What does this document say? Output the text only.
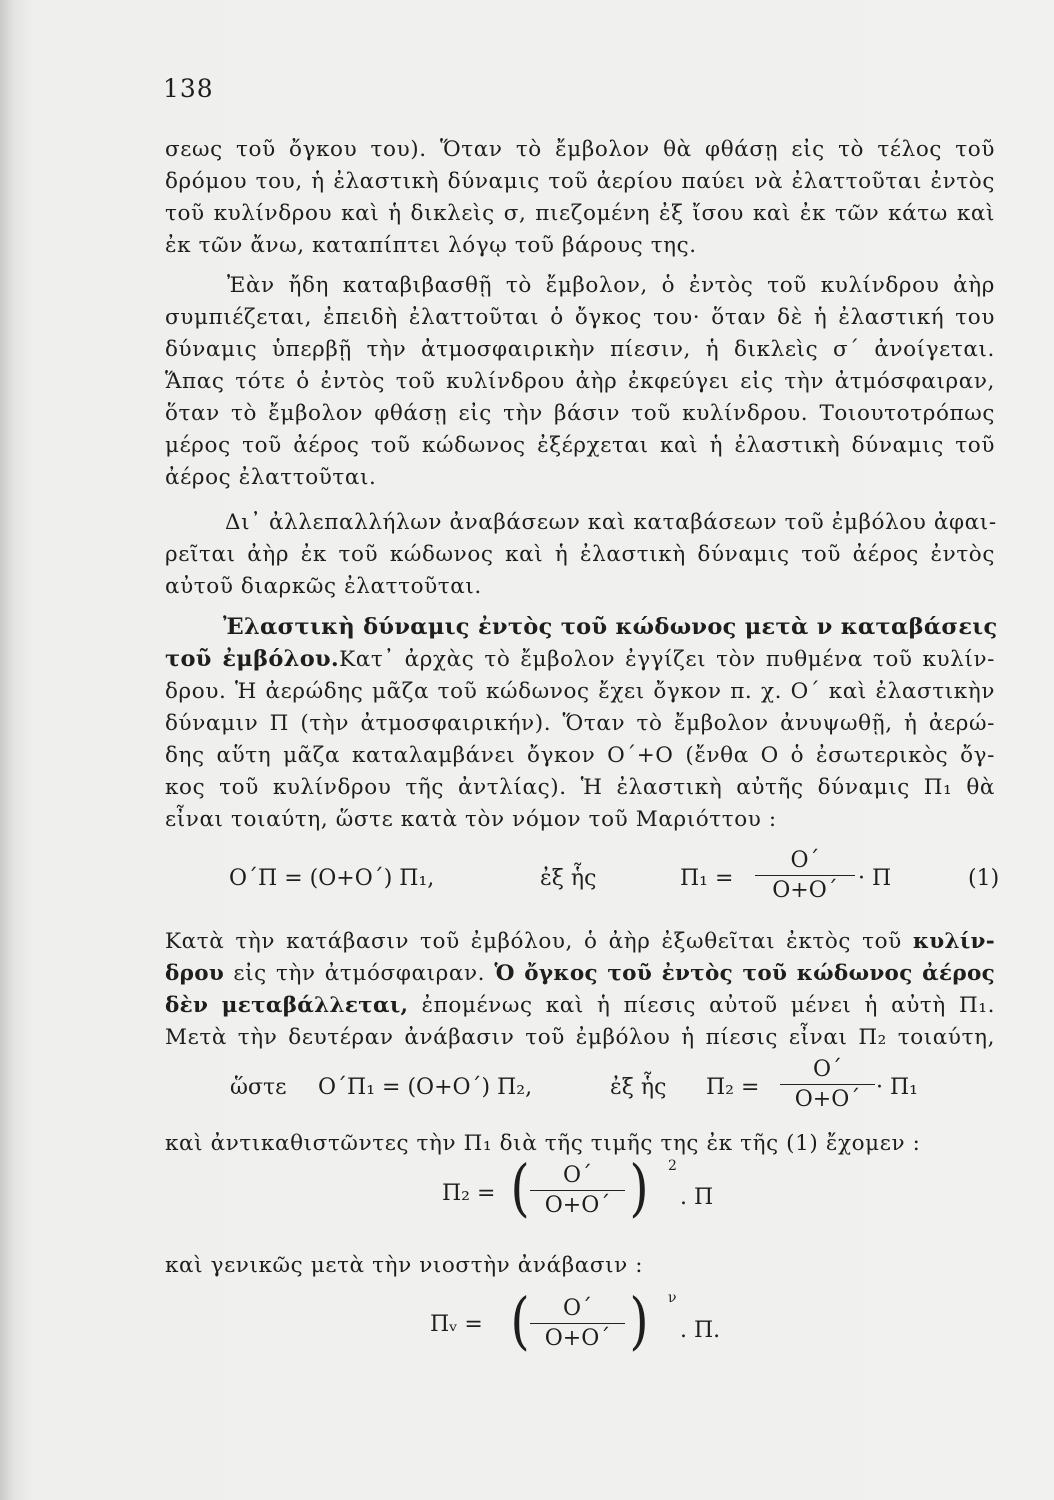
138
σεως τοῦ ὄγκου του). Ὅταν τὸ ἔμβολον θὰ φθάσῃ εἰς τὸ τέλος τοῦ
δρόμου του, ἡ ἐλαστικὴ δύναμις τοῦ ἀερίου παύει νὰ ἐλαττοῦται ἐντὸς
τοῦ κυλίνδρου καὶ ἡ δικλεὶς σ, πιεζομένη ἐξ ἴσου καὶ ἐκ τῶν κάτω καὶ
ἐκ τῶν ἄνω, καταπίπτει λόγῳ τοῦ βάρους της.
Ἐὰν ἤδη καταβιβασθῇ τὸ ἔμβολον, ὁ ἐντὸς τοῦ κυλίνδρου ἀὴρ
συμπιέζεται, ἐπειδὴ ἐλαττοῦται ὁ ὄγκος του· ὅταν δὲ ἡ ἐλαστική του
δύναμις ὑπερβῇ τὴν ἀτμοσφαιρικὴν πίεσιν, ἡ δικλεὶς σ΄ ἀνοίγεται.
Ἅπας τότε ὁ ἐντὸς τοῦ κυλίνδρου ἀὴρ ἐκφεύγει εἰς τὴν ἀτμόσφαιραν,
ὅταν τὸ ἔμβολον φθάσῃ εἰς τὴν βάσιν τοῦ κυλίνδρου. Τοιουτοτρόπως
μέρος τοῦ ἀέρος τοῦ κώδωνος ἐξέρχεται καὶ ἡ ἐλαστικὴ δύναμις τοῦ
ἀέρος ἐλαττοῦται.
Δι᾿ ἀλλεπαλλήλων ἀναβάσεων καὶ καταβάσεων τοῦ ἐμβόλου ἀφαι-
ρεῖται ἀὴρ ἐκ τοῦ κώδωνος καὶ ἡ ἐλαστικὴ δύναμις τοῦ ἀέρος ἐντὸς
αὐτοῦ διαρκῶς ἐλαττοῦται.
Ἐλαστικὴ δύναμις ἐντὸς τοῦ κώδωνος μετὰ ν καταβάσεις
τοῦ ἐμβόλου.Κατ᾿ ἀρχὰς τὸ ἔμβολον ἐγγίζει τὸν πυθμένα τοῦ κυλίν-
δρου. Ἡ ἀερώδης μᾶζα τοῦ κώδωνος ἔχει ὄγκον π. χ. Ο΄ καὶ ἐλαστικὴν
δύναμιν Π (τὴν ἀτμοσφαιρικήν). Ὅταν τὸ ἔμβολον ἀνυψωθῇ, ἡ ἀερώ-
δης αὕτη μᾶζα καταλαμβάνει ὄγκον Ο΄+Ο (ἔνθα Ο ὁ ἐσωτερικὸς ὄγ-
κος τοῦ κυλίνδρου τῆς ἀντλίας). Ἡ ἐλαστικὴ αὐτῆς δύναμις Π₁ θὰ
εἶναι τοιαύτη, ὥστε κατὰ τὸν νόμον τοῦ Μαριόττου :
Ο΄Π = (Ο+Ο΄) Π₁,	ἐξ ἧς	Π₁ =
Ο΄
Ο+Ο΄ · Π	(1)
Κατὰ τὴν κατάβασιν τοῦ ἐμβόλου, ὁ ἀὴρ ἐξωθεῖται ἐκτὸς τοῦ κυλίν-
δρου εἰς τὴν ἀτμόσφαιραν. Ὁ ὄγκος τοῦ ἐντὸς τοῦ κώδωνος ἀέρος
δὲν μεταβάλλεται, ἐπομένως καὶ ἡ πίεσις αὐτοῦ μένει ἡ αὐτὴ Π₁.
Μετὰ τὴν δευτέραν ἀνάβασιν τοῦ ἐμβόλου ἡ πίεσις εἶναι Π₂ τοιαύτη,
ὥστε Ο΄Π₁ = (Ο+Ο΄) Π₂,	ἐξ ἧς Π₂ =
Ο΄
Ο+Ο΄ · Π₁
καὶ ἀντικαθιστῶντες τὴν Π₁ διὰ τῆς τιμῆς της ἐκ τῆς (1) ἔχομεν :
Π₂ = (	Ο΄
Ο+Ο΄ ) 2
. Π
καὶ γενικῶς μετὰ τὴν νιοστὴν ἀνάβασιν :
Πᵥ = (	Ο΄
Ο+Ο΄ ) ν
. Π.
